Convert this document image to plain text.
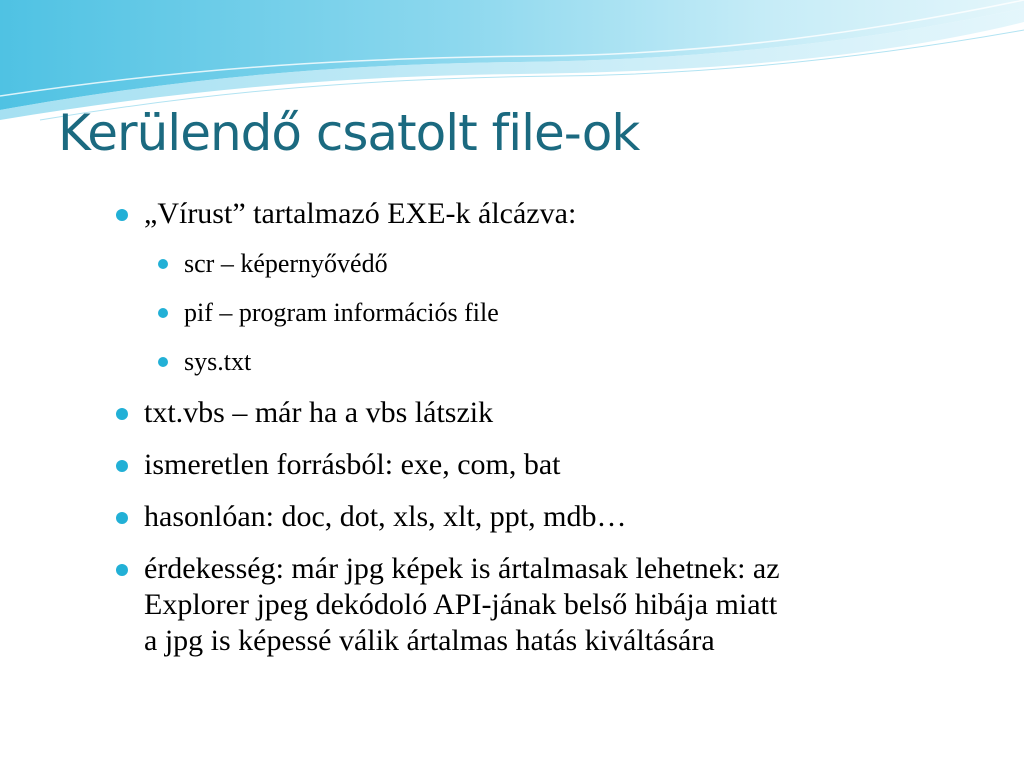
Kerülendő csatolt file-ok
„Vírust” tartalmazó EXE-k álcázva:
scr – képernyővédő
pif – program információs file
sys.txt
txt.vbs – már ha a vbs látszik
ismeretlen forrásból: exe, com, bat
hasonlóan: doc, dot, xls, xlt, ppt, mdb…
érdekesség: már jpg képek is ártalmasak lehetnek: az
Explorer jpeg dekódoló API-jának belső hibája miatt
a jpg is képessé válik ártalmas hatás kiváltására
